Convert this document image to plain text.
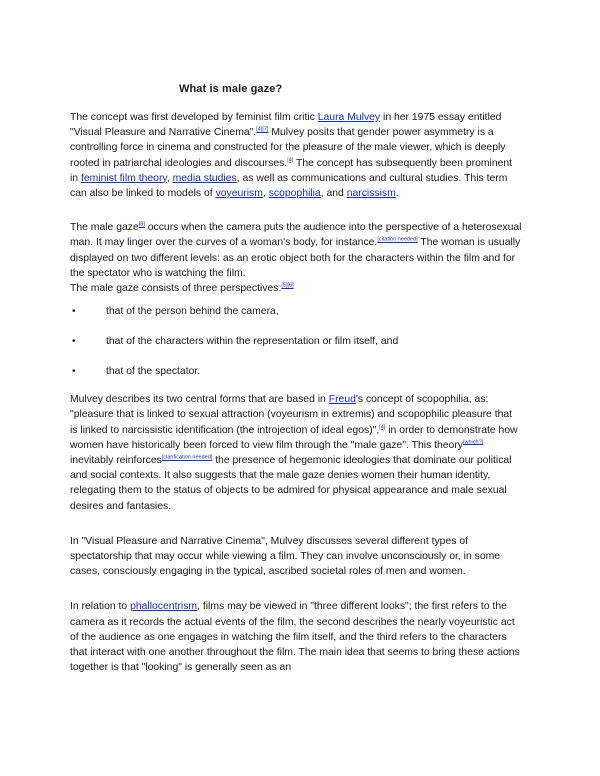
What is male gaze?

The concept was first developed by feminist film critic Laura Mulvey in her 1975 essay entitled "Visual Pleasure and Narrative Cinema".[4][7] Mulvey posits that gender power asymmetry is a controlling force in cinema and constructed for the pleasure of the male viewer, which is deeply rooted in patriarchal ideologies and discourses.[4] The concept has subsequently been prominent in feminist film theory, media studies, as well as communications and cultural studies. This term can also be linked to models of voyeurism, scopophilia, and narcissism.

The male gaze[8] occurs when the camera puts the audience into the perspective of a heterosexual man. It may linger over the curves of a woman's body, for instance.[citation needed] The woman is usually displayed on two different levels: as an erotic object both for the characters within the film and for the spectator who is watching the film.

The male gaze consists of three perspectives:[5][6]

•	that of the person behind the camera,
•	that of the characters within the representation or film itself, and
•	that of the spectator.

Mulvey describes its two central forms that are based in Freud's concept of scopophilia, as: "pleasure that is linked to sexual attraction (voyeurism in extremis) and scopophilic pleasure that is linked to narcissistic identification (the introjection of ideal egos)",[4] in order to demonstrate how women have historically been forced to view film through the "male gaze". This theory[which?] inevitably reinforces[clarification needed] the presence of hegemonic ideologies that dominate our political and social contexts. It also suggests that the male gaze denies women their human identity, relegating them to the status of objects to be admired for physical appearance and male sexual desires and fantasies.

In "Visual Pleasure and Narrative Cinema", Mulvey discusses several different types of spectatorship that may occur while viewing a film. They can involve unconsciously or, in some cases, consciously engaging in the typical, ascribed societal roles of men and women.

In relation to phallocentrism, films may be viewed in "three different looks"; the first refers to the camera as it records the actual events of the film, the second describes the nearly voyeuristic act of the audience as one engages in watching the film itself, and the third refers to the characters that interact with one another throughout the film. The main idea that seems to bring these actions together is that "looking" is generally seen as an
